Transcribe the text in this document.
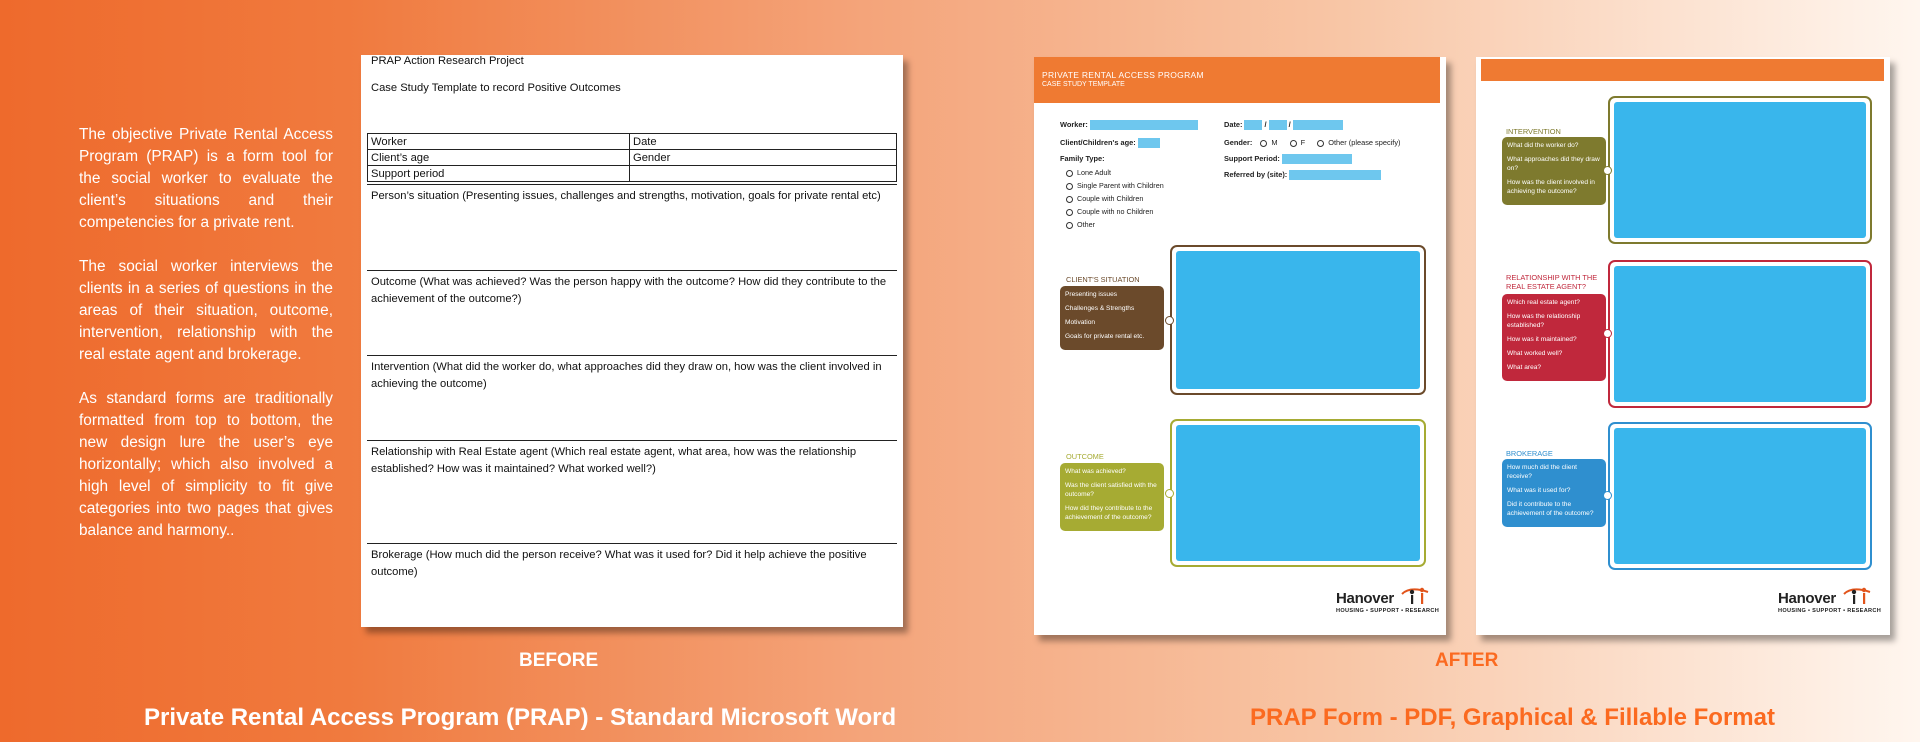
The objective Private Rental Access Program (PRAP) is a form tool for the social worker to evaluate the client’s situations and their competencies for a private rent.

The social worker interviews the clients in a series of questions in the areas of their situation, outcome, intervention, relationship with the real estate agent and brokerage.

As standard forms are traditionally formatted from top to bottom, the new design lure the user’s eye horizontally; which also involved a high level of simplicity to fit give categories into two pages that gives balance and harmony..

PRAP Action Research Project
Case Study Template to record Positive Outcomes
Worker	Date
Client’s age	Gender
Support period	
Person’s situation (Presenting issues, challenges and strengths, motivation, goals for private rental etc)
Outcome (What was achieved? Was the person happy with the outcome? How did they contribute to the achievement of the outcome?)
Intervention (What did the worker do, what approaches did they draw on, how was the client involved in achieving the outcome)
Relationship with Real Estate agent (Which real estate agent, what area, how was the relationship established? How was it maintained? What worked well?)
Brokerage (How much did the person receive? What was it used for? Did it help achieve the positive outcome)
PRIVATE RENTAL ACCESS PROGRAM
CASE STUDY TEMPLATE
Worker:
Client/Children's age:
Family Type:
Lone Adult
Single Parent with Children
Couple with Children
Couple with no Children
Other
Date:	/	/
Gender:	M	F	Other (please specify)
Support Period:
Referred by (site):
CLIENT'S SITUATION
Presenting issues
Challenges & Strengths
Motivation
Goals for private rental etc.
OUTCOME
What was achieved?
Was the client satisfied with the outcome?
How did they contribute to the achievement of the outcome?
Hanover
HOUSING • SUPPORT • RESEARCH
INTERVENTION
What did the worker do?
What approaches did they draw on?
How was the client involved in achieving the outcome?
RELATIONSHIP WITH THE REAL ESTATE AGENT?
Which real estate agent?
How was the relationship established?
How was it maintained?
What worked well?
What area?
BROKERAGE
How much did the client receive?
What was it used for?
Did it contribute to the achievement of the outcome?
Hanover
HOUSING • SUPPORT • RESEARCH
BEFORE	AFTER
Private Rental Access Program (PRAP) - Standard Microsoft Word	PRAP Form - PDF, Graphical & Fillable Format
